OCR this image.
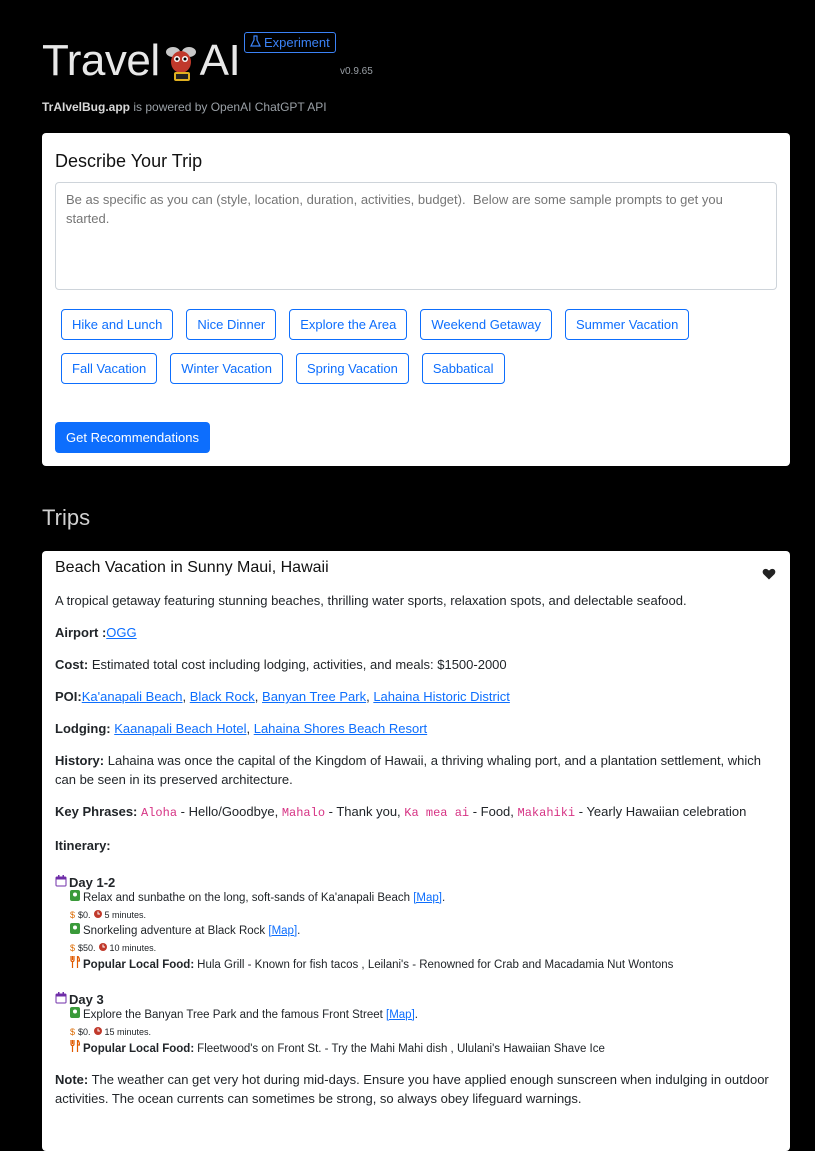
Travel AI Experiment
v0.9.65
TrAIvelBug.app is powered by OpenAI ChatGPT API
Describe Your Trip
Be as specific as you can (style, location, duration, activities, budget). Below are some sample prompts to get you started.
Hike and Lunch	Nice Dinner	Explore the Area	Weekend Getaway	Summer Vacation
Fall Vacation	Winter Vacation	Spring Vacation	Sabbatical
Get Recommendations
Trips
Beach Vacation in Sunny Maui, Hawaii
A tropical getaway featuring stunning beaches, thrilling water sports, relaxation spots, and delectable seafood.
Airport :OGG
Cost: Estimated total cost including lodging, activities, and meals: $1500-2000
POI:Ka'anapali Beach, Black Rock, Banyan Tree Park, Lahaina Historic District
Lodging: Kaanapali Beach Hotel, Lahaina Shores Beach Resort
History: Lahaina was once the capital of the Kingdom of Hawaii, a thriving whaling port, and a plantation settlement, which can be seen in its preserved architecture.
Key Phrases: Aloha - Hello/Goodbye, Mahalo - Thank you, Ka mea ai - Food, Makahiki - Yearly Hawaiian celebration
Itinerary:
Day 1-2
Relax and sunbathe on the long, soft-sands of Ka'anapali Beach [Map].
$ $0. 5 minutes.
Snorkeling adventure at Black Rock [Map].
$ $50. 10 minutes.
Popular Local Food: Hula Grill - Known for fish tacos , Leilani's - Renowned for Crab and Macadamia Nut Wontons
Day 3
Explore the Banyan Tree Park and the famous Front Street [Map].
$ $0. 15 minutes.
Popular Local Food: Fleetwood's on Front St. - Try the Mahi Mahi dish , Ululani's Hawaiian Shave Ice
Note: The weather can get very hot during mid-days. Ensure you have applied enough sunscreen when indulging in outdoor activities. The ocean currents can sometimes be strong, so always obey lifeguard warnings.
